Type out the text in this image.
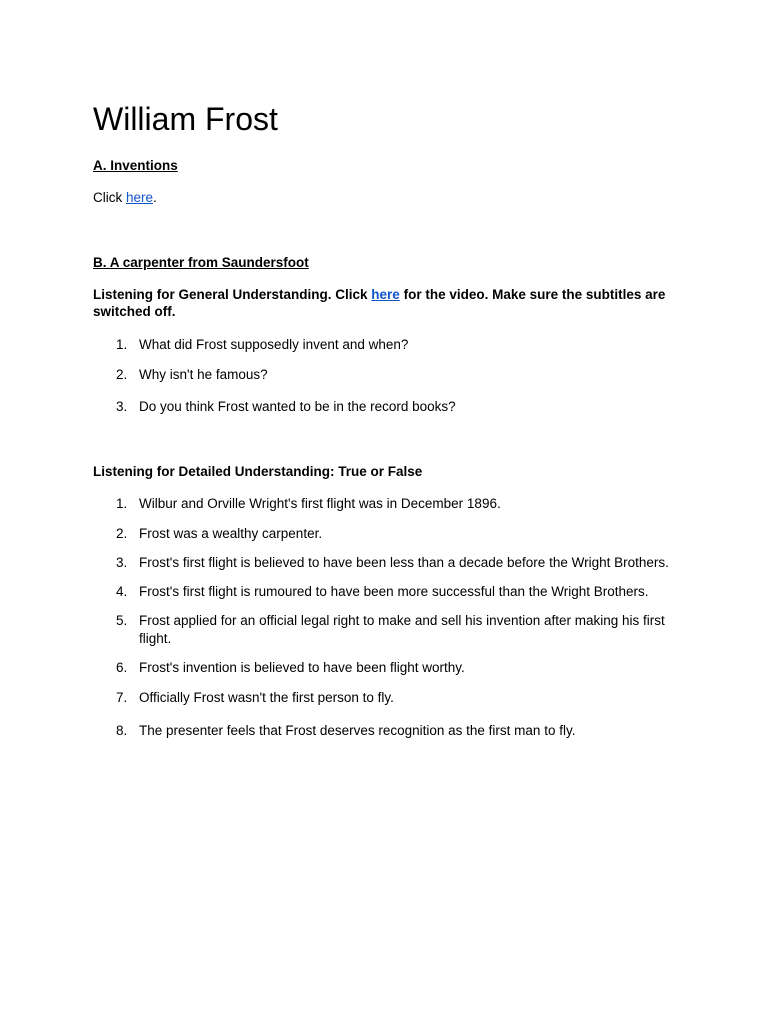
William Frost
A. Inventions

Click here.

B. A carpenter from Saundersfoot

Listening for General Understanding. Click here for the video. Make sure the subtitles are switched off.

1. What did Frost supposedly invent and when?
2. Why isn't he famous?
3. Do you think Frost wanted to be in the record books?

Listening for Detailed Understanding: True or False

1. Wilbur and Orville Wright's first flight was in December 1896.
2. Frost was a wealthy carpenter.
3. Frost's first flight is believed to have been less than a decade before the Wright Brothers.
4. Frost's first flight is rumoured to have been more successful than the Wright Brothers.
5. Frost applied for an official legal right to make and sell his invention after making his first flight.
6. Frost's invention is believed to have been flight worthy.
7. Officially Frost wasn't the first person to fly.
8. The presenter feels that Frost deserves recognition as the first man to fly.
